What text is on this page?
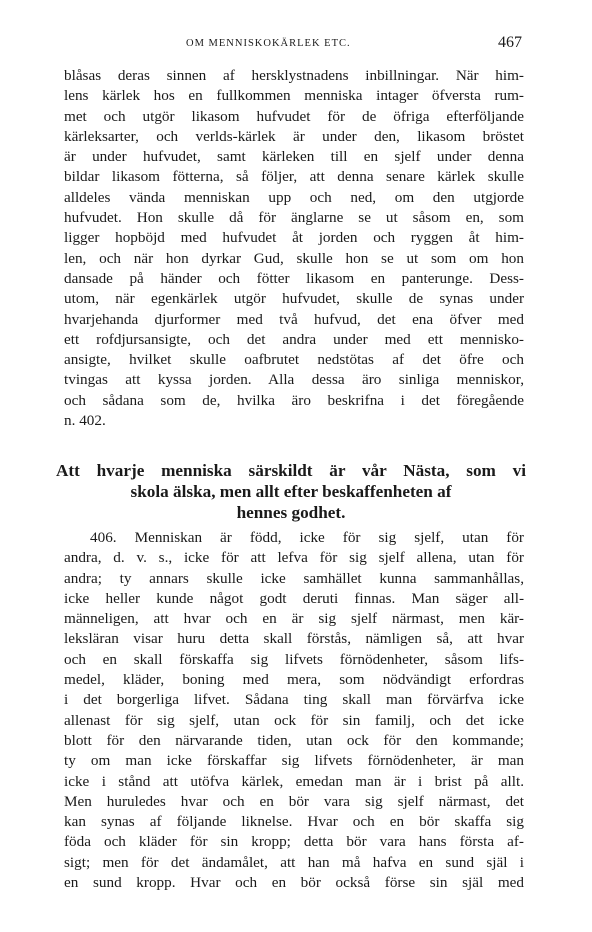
OM MENNISKOKÄRLEK ETC.	467
blåsas deras sinnen af hersklystnadens inbillningar. När him-
lens kärlek hos en fullkommen menniska intager öfversta rum-
met och utgör likasom hufvudet för de öfriga efterföljande
kärleksarter, och verlds-kärlek är under den, likasom bröstet
är under hufvudet, samt kärleken till en sjelf under denna
bildar likasom fötterna, så följer, att denna senare kärlek skulle
alldeles vända menniskan upp och ned, om den utgjorde
hufvudet. Hon skulle då för änglarne se ut såsom en, som
ligger hopböjd med hufvudet åt jorden och ryggen åt him-
len, och när hon dyrkar Gud, skulle hon se ut som om hon
dansade på händer och fötter likasom en panterunge. Dess-
utom, när egenkärlek utgör hufvudet, skulle de synas under
hvarjehanda djurformer med två hufvud, det ena öfver med
ett rofdjursansigte, och det andra under med ett mennisko-
ansigte, hvilket skulle oafbrutet nedstötas af det öfre och
tvingas att kyssa jorden. Alla dessa äro sinliga menniskor,
och sådana som de, hvilka äro beskrifna i det föregående
n. 402.
Att hvarje menniska särskildt är vår Nästa, som vi
skola älska, men allt efter beskaffenheten af
hennes godhet.
406. Menniskan är född, icke för sig sjelf, utan för
andra, d. v. s., icke för att lefva för sig sjelf allena, utan för
andra; ty annars skulle icke samhället kunna sammanhållas,
icke heller kunde något godt deruti finnas. Man säger all-
männeligen, att hvar och en är sig sjelf närmast, men kär-
leksläran visar huru detta skall förstås, nämligen så, att hvar
och en skall förskaffa sig lifvets förnödenheter, såsom lifs-
medel, kläder, boning med mera, som nödvändigt erfordras
i det borgerliga lifvet. Sådana ting skall man förvärfva icke
allenast för sig sjelf, utan ock för sin familj, och det icke
blott för den närvarande tiden, utan ock för den kommande;
ty om man icke förskaffar sig lifvets förnödenheter, är man
icke i stånd att utöfva kärlek, emedan man är i brist på allt.
Men huruledes hvar och en bör vara sig sjelf närmast, det
kan synas af följande liknelse. Hvar och en bör skaffa sig
föda och kläder för sin kropp; detta bör vara hans första af-
sigt; men för det ändamålet, att han må hafva en sund själ i
en sund kropp. Hvar och en bör också förse sin själ med
